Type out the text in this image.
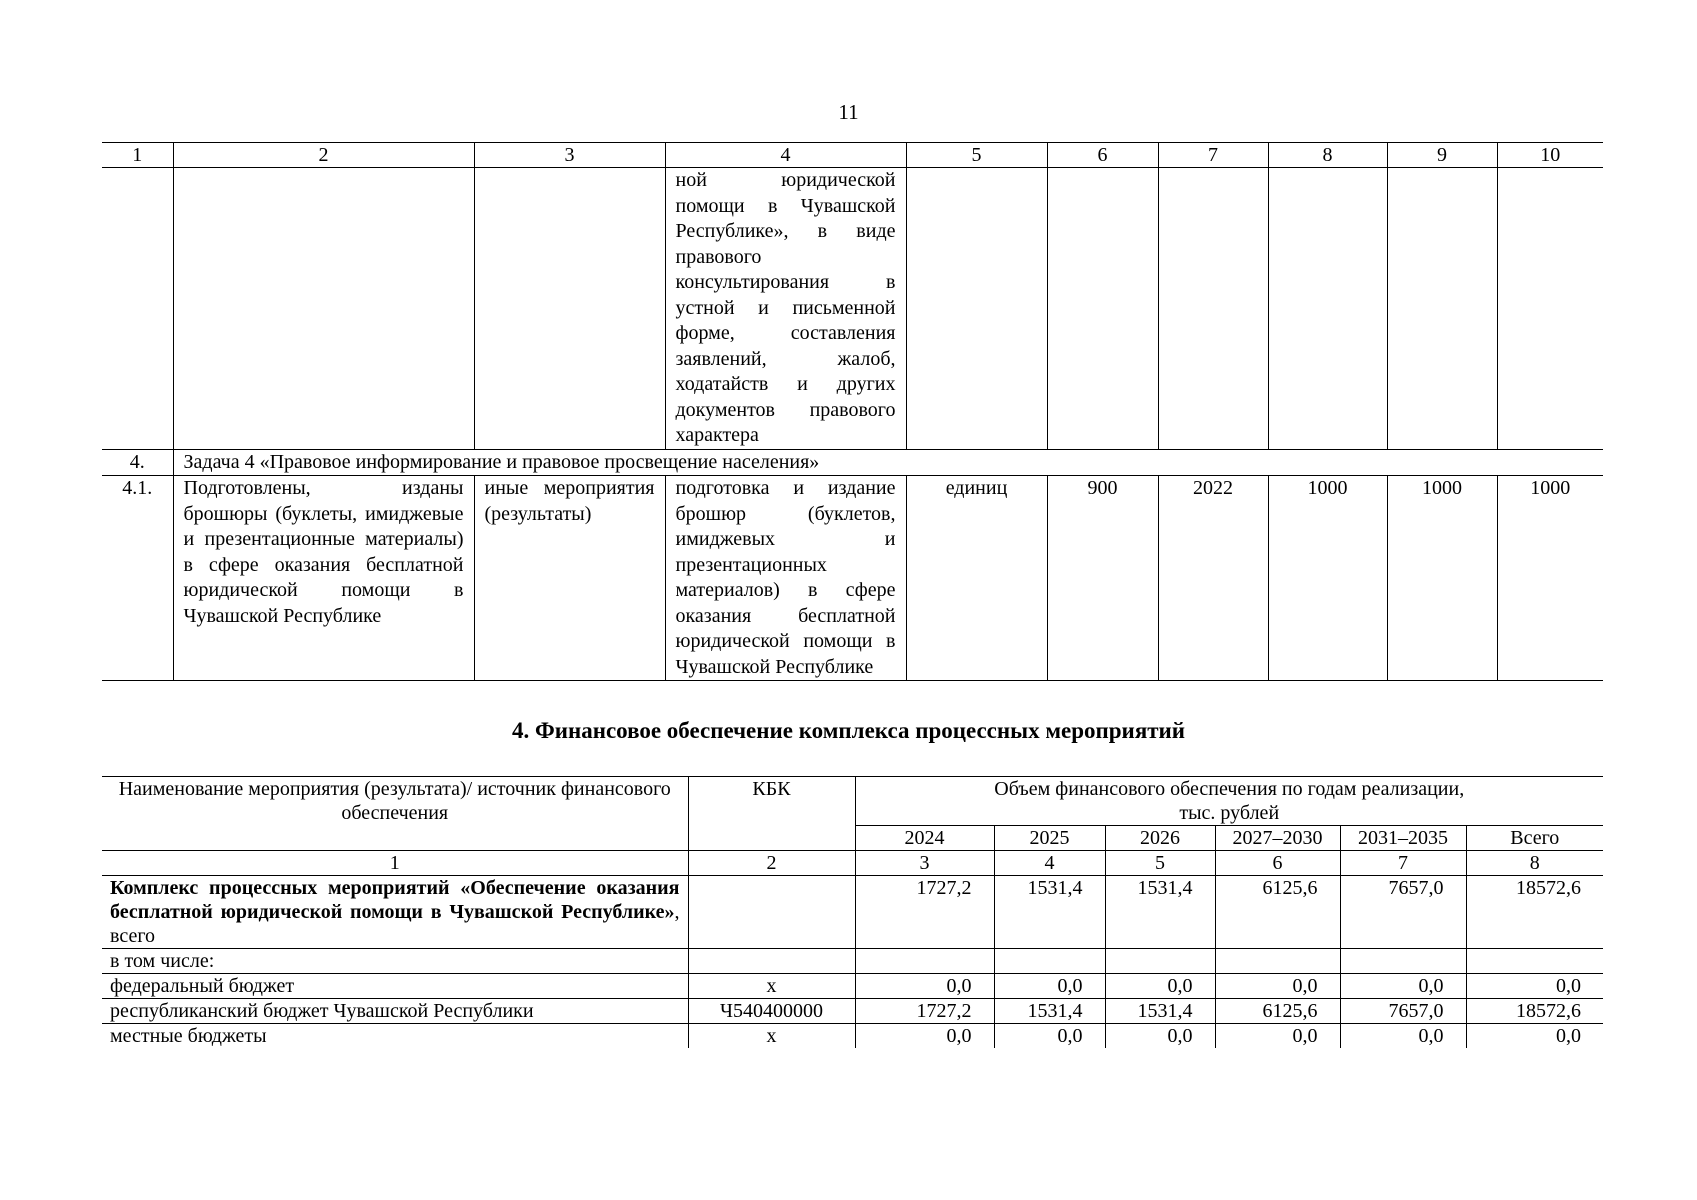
11
1	2	3	4	5	6	7	8	9	10
			ной юридической помощи в Чувашской Республике», в виде правового консультирования в устной и письменной форме, составления заявлений, жалоб, ходатайств и других документов правового характера						
4.	Задача 4 «Правовое информирование и правовое просвещение населения»								
4.1.	Подготовлены, изданы брошюры (буклеты, имиджевые и презентационные материалы) в сфере оказания бесплатной юридической помощи в Чувашской Республике	иные мероприятия (результаты)	подготовка и издание брошюр (буклетов, имиджевых и презентационных материалов) в сфере оказания бесплатной юридической помощи в Чувашской Республике	единиц	900	2022	1000	1000	1000
4. Финансовое обеспечение комплекса процессных мероприятий
Наименование мероприятия (результата)/ источник финансового обеспечения	КБК	Объем финансового обеспечения по годам реализации, тыс. рублей					
		2024	2025	2026	2027–2030	2031–2035	Всего
1	2	3	4	5	6	7	8
Комплекс процессных мероприятий «Обеспечение оказания бесплатной юридической помощи в Чувашской Республике», всего		1727,2	1531,4	1531,4	6125,6	7657,0	18572,6
в том числе:							
федеральный бюджет	х	0,0	0,0	0,0	0,0	0,0	0,0
республиканский бюджет Чувашской Республики	Ч540400000	1727,2	1531,4	1531,4	6125,6	7657,0	18572,6
местные бюджеты	х	0,0	0,0	0,0	0,0	0,0	0,0
